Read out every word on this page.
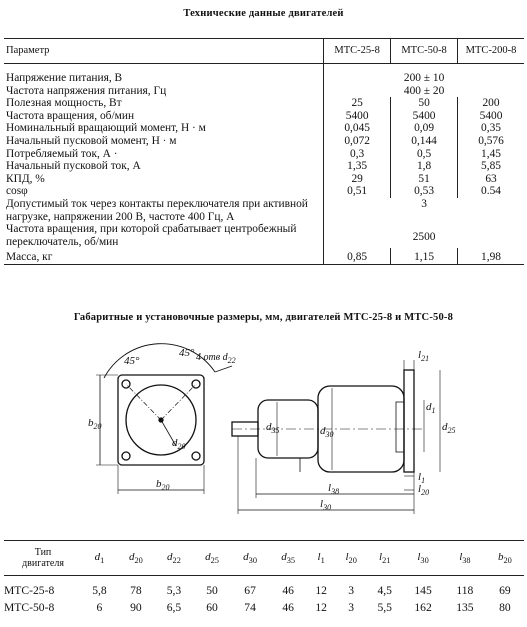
Технические данные двигателей
Параметр	МТС-25-8	МТС-50-8	МТС-200-8
Напряжение питания, В	200 ± 10		
Частота напряжения питания, Гц	400 ± 20		
Полезная мощность, Вт	25	50	200
Частота вращения, об/мин	5400	5400	5400
Номинальный вращающий момент, Н · м	0,045	0,09	0,35
Начальный пусковой момент, Н · м	0,072	0,144	0,576
Потребляемый ток, А ·	0,3	0,5	1,45
Начальный пусковой ток, А	1,35	1,8	5,85
КПД, %	29	51	63
cosφ	0,51	0,53	0.54
Допустимый ток через контакты переключателя при активной нагрузке, напряжении 200 В, частоте 400 Гц, А	3		
Частота вращения, при которой срабатывает центробежный переключатель, об/мин	2500		
Масса, кг	0,85	1,15	1,98
Габаритные и установочные размеры, мм, двигателей МТС-25-8 и МТС-50-8
45°
45° 4 отв $d_{22}$
$b_{20}$
$b_{20}$
$d_{20}$
$d_{35}$	$d_{30}$
$d_1$
$d_{25}$
$l_{21}$
$l_1$
$l_{20}$
$l_{38}$
$l_{30}$
Тип
двигателя	$d_1$	$d_{20}$	$d_{22}$	$d_{25}$	$d_{30}$	$d_{35}$	$l_1$	$l_{20}$	$l_{21}$	$l_{30}$	$l_{38}$	$b_{20}$
МТС-25-8	5,8	78	5,3	50	67	46	12	3	4,5	145	118	69
МТС-50-8	6	90	6,5	60	74	46	12	3	5,5	162	135	80
